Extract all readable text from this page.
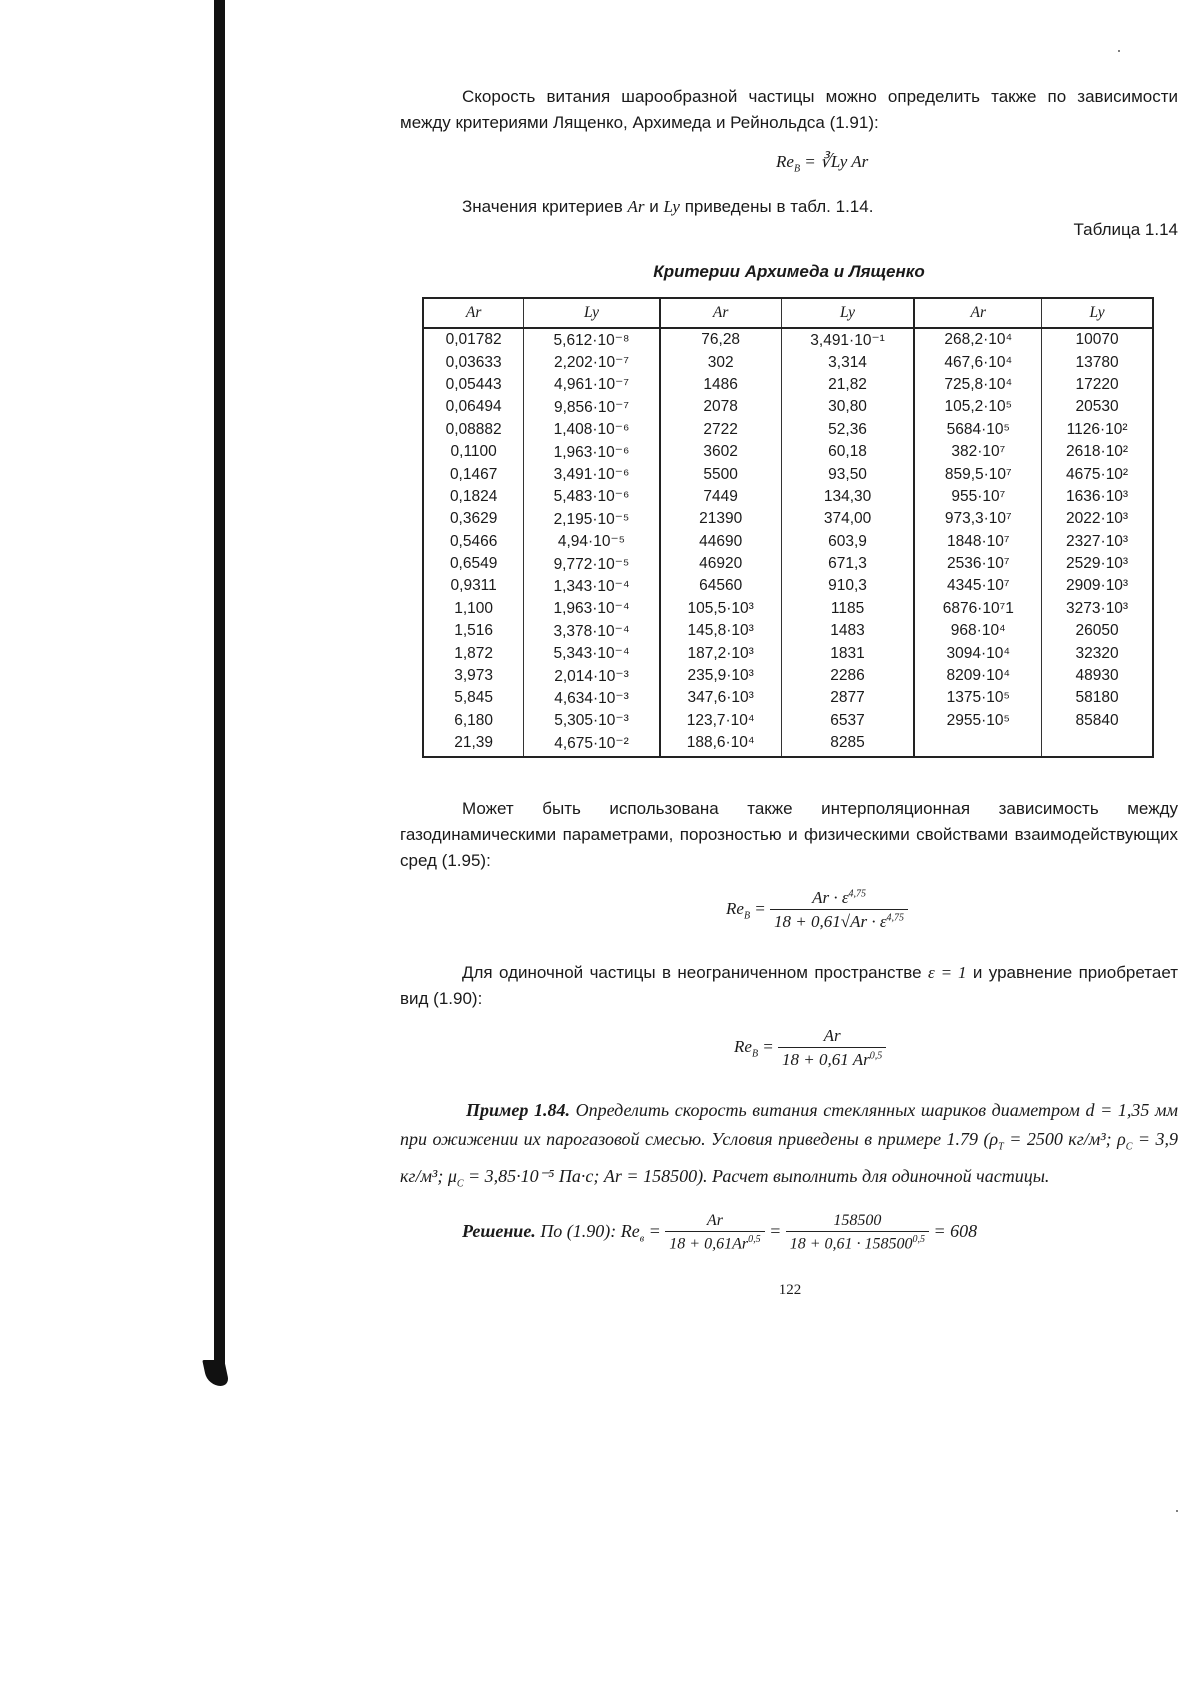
Скорость витания шарообразной частицы можно определить также по зависимости между критериями Лященко, Архимеда и Рейнольдса (1.91):
$Re_B$ = ∛Ly Ar
Значения критериев Ar и Ly приведены в табл. 1.14.
Таблица 1.14
Критерии Архимеда и Лященко
Ar	Ly	Ar	Ly	Ar	Ly
0,01782	5,612·10⁻⁸	76,28	3,491·10⁻¹	268,2·10⁴	10070
0,03633	2,202·10⁻⁷	302	3,314	467,6·10⁴	13780
0,05443	4,961·10⁻⁷	1486	21,82	725,8·10⁴	17220
0,06494	9,856·10⁻⁷	2078	30,80	105,2·10⁵	20530
0,08882	1,408·10⁻⁶	2722	52,36	5684·10⁵	1126·10²
0,1100	1,963·10⁻⁶	3602	60,18	382·10⁷	2618·10²
0,1467	3,491·10⁻⁶	5500	93,50	859,5·10⁷	4675·10²
0,1824	5,483·10⁻⁶	7449	134,30	955·10⁷	1636·10³
0,3629	2,195·10⁻⁵	21390	374,00	973,3·10⁷	2022·10³
0,5466	4,94·10⁻⁵	44690	603,9	1848·10⁷	2327·10³
0,6549	9,772·10⁻⁵	46920	671,3	2536·10⁷	2529·10³
0,9311	1,343·10⁻⁴	64560	910,3	4345·10⁷	2909·10³
1,100	1,963·10⁻⁴	105,5·10³	1185	6876·10⁷1	3273·10³
1,516	3,378·10⁻⁴	145,8·10³	1483	968·10⁴	26050
1,872	5,343·10⁻⁴	187,2·10³	1831	3094·10⁴	32320
3,973	2,014·10⁻³	235,9·10³	2286	8209·10⁴	48930
5,845	4,634·10⁻³	347,6·10³	2877	1375·10⁵	58180
6,180	5,305·10⁻³	123,7·10⁴	6537	2955·10⁵	85840
21,39	4,675·10⁻²	188,6·10⁴	8285		
Может быть использована также интерполяционная зависимость между газодинамическими параметрами, порозностью и физическими свойствами взаимодействующих сред (1.95):
$Re_B = \frac{Ar \cdot \varepsilon^{4,75}}{18 + 0,61√Ar \cdot \varepsilon^{4,75}}$
Для одиночной частицы в неограниченном пространстве ε = 1 и уравнение приобретает вид (1.90):
$Re_B = \frac{Ar}{18 + 0,61 Ar^{0,5}}$
Пример 1.84. Определить скорость витания стеклянных шариков диаметром d = 1,35 мм при ожижении их парогазовой смесью. Условия приведены в примере 1.79 ($\rho_Т = 2500$ кг/м³; $\rho_С = 3,9$ кг/м³; $\mu_С = 3,85\cdot 10^{-5}$ Па·с; Ar = 158500). Расчет выполнить для одиночной частицы.
Решение. По (1.90): $Re_в = \frac{Ar}{18 + 0,61Ar^{0,5}} = \frac{158500}{18 + 0,61 \cdot 158500^{0,5}} = 608$
122
